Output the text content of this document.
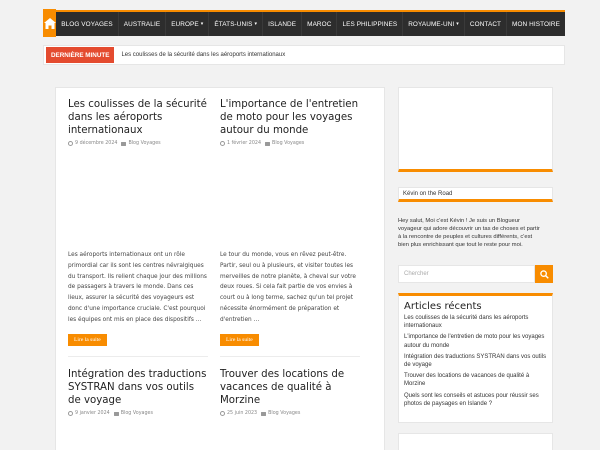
BLOG VOYAGES AUSTRALIE EUROPE ▾ ÉTATS-UNIS ▾ ISLANDE MAROC LES PHILIPPINES ROYAUME-UNI ▾ CONTACT MON HISTOIRE
DERNIÈRE MINUTE	Les coulisses de la sécurité dans les aéroports internationaux
Les coulisses de la sécurité dans les aéroports internationaux
9 décembre 2024 Blog Voyages

Les aéroports internationaux ont un rôle primordial car ils sont les centres névralgiques du transport. Ils relient chaque jour des millions de passagers à travers le monde. Dans ces lieux, assurer la sécurité des voyageurs est donc d'une importance cruciale. C'est pourquoi les équipes ont mis en place des dispositifs …

Lire la suite
L'importance de l'entretien de moto pour les voyages autour du monde
1 février 2024 Blog Voyages

Le tour du monde, vous en rêvez peut-être. Partir, seul ou à plusieurs, et visiter toutes les merveilles de notre planète, à cheval sur votre deux roues. Si cela fait partie de vos envies à court ou à long terme, sachez qu'un tel projet nécessite énormément de préparation et d'entretien …

Lire la suite
Intégration des traductions SYSTRAN dans vos outils de voyage
9 janvier 2024 Blog Voyages
Trouver des locations de vacances de qualité à Morzine
25 juin 2023 Blog Voyages
Kévin on the Road

Hey salut, Moi c'est Kévin ! Je suis un Blogueur voyageur qui adore découvrir un tas de choses et partir à la rencontre de peuples et cultures différents, c'est bien plus enrichissant que tout le reste pour moi.

Chercher
Articles récents
Les coulisses de la sécurité dans les aéroports internationaux
L'importance de l'entretien de moto pour les voyages autour du monde
Intégration des traductions SYSTRAN dans vos outils de voyage
Trouver des locations de vacances de qualité à Morzine
Quels sont les conseils et astuces pour réussir ses photos de paysages en Islande ?
